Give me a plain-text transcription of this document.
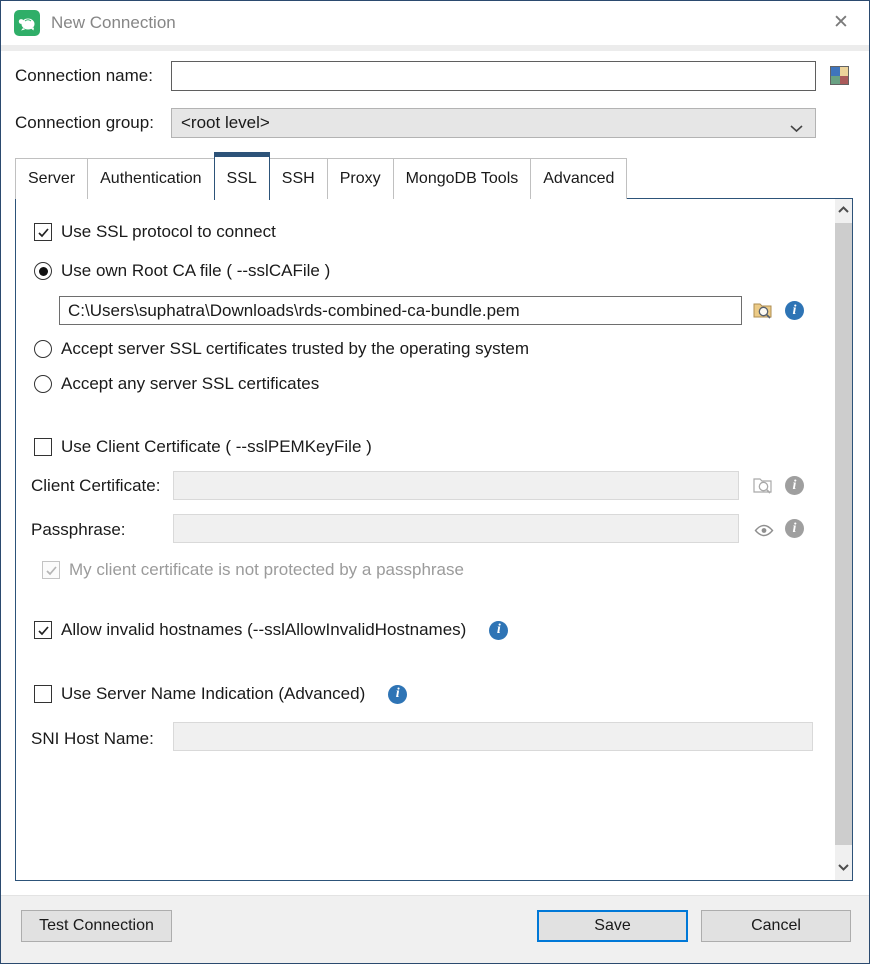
New Connection	✕
Connection name:
Connection group: <root level>
Server	Authentication	SSL	SSH	Proxy	MongoDB Tools	Advanced
Use SSL protocol to connect
Use own Root CA file ( --sslCAFile )
C:\Users\suphatra\Downloads\rds-combined-ca-bundle.pem
i
Accept server SSL certificates trusted by the operating system
Accept any server SSL certificates
Use Client Certificate ( --sslPEMKeyFile )
Client Certificate:	i
Passphrase:	i
My client certificate is not protected by a passphrase
Allow invalid hostnames (--sslAllowInvalidHostnames)	i
Use Server Name Indication (Advanced)	i
SNI Host Name:
Test Connection	Save	Cancel
